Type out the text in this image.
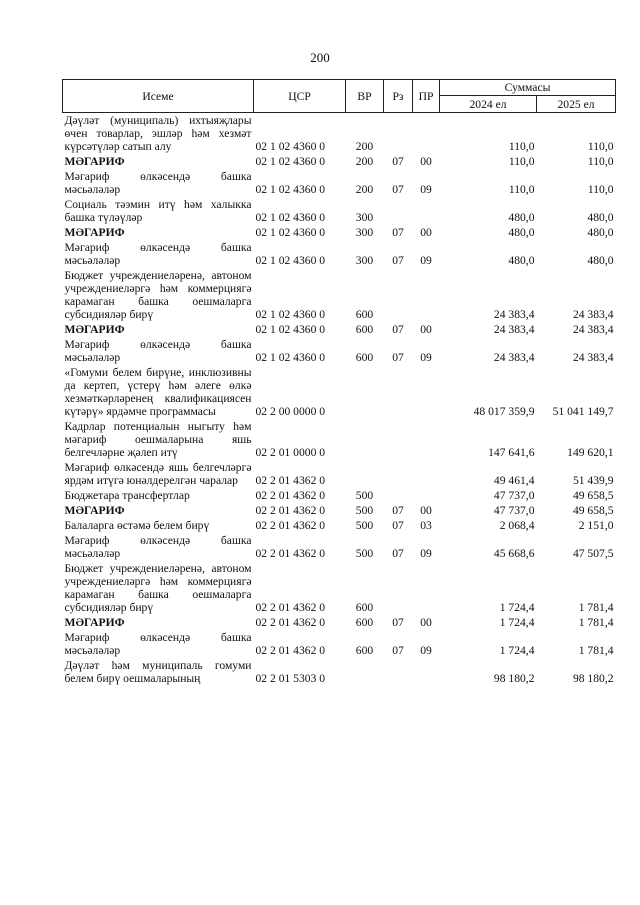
200
Исеме	ЦСР	ВР	Рз	ПР	Суммасы	
					2024 ел	2025 ел
Дәүләт (муниципаль) ихтыяҗлары өчен товарлар, эшләр һәм хезмәт күрсәтүләр сатып алу	02 1 02 4360 0	200			110,0	110,0
МӘГАРИФ	02 1 02 4360 0	200	07	00	110,0	110,0
Мәгариф өлкәсендә башка мәсьәләләр	02 1 02 4360 0	200	07	09	110,0	110,0
Социаль тәэмин итү һәм халыкка башка түләүләр	02 1 02 4360 0	300			480,0	480,0
МӘГАРИФ	02 1 02 4360 0	300	07	00	480,0	480,0
Мәгариф өлкәсендә башка мәсьәләләр	02 1 02 4360 0	300	07	09	480,0	480,0
Бюджет учреждениеләренә, автоном учреждениеләргә һәм коммерциягә карамаган башка оешмаларга субсидияләр бирү	02 1 02 4360 0	600			24 383,4	24 383,4
МӘГАРИФ	02 1 02 4360 0	600	07	00	24 383,4	24 383,4
Мәгариф өлкәсендә башка мәсьәләләр	02 1 02 4360 0	600	07	09	24 383,4	24 383,4
«Гомуми белем бирүне, инклюзивны да кертеп, үстерү һәм әлеге өлкә хезмәткәрләренең квалификациясен күтәрү» ярдәмче программасы	02 2 00 0000 0				48 017 359,9	51 041 149,7
Кадрлар потенциалын ныгыту һәм мәгариф оешмаларына яшь белгечләрне җәлеп итү	02 2 01 0000 0				147 641,6	149 620,1
Мәгариф өлкәсендә яшь белгечләргә ярдәм итүгә юнәлдерелгән чаралар	02 2 01 4362 0				49 461,4	51 439,9
Бюджетара трансфертлар	02 2 01 4362 0	500			47 737,0	49 658,5
МӘГАРИФ	02 2 01 4362 0	500	07	00	47 737,0	49 658,5
Балаларга өстәмә белем бирү	02 2 01 4362 0	500	07	03	2 068,4	2 151,0
Мәгариф өлкәсендә башка мәсьәләләр	02 2 01 4362 0	500	07	09	45 668,6	47 507,5
Бюджет учреждениеләренә, автоном учреждениеләргә һәм коммерциягә карамаган башка оешмаларга субсидияләр бирү	02 2 01 4362 0	600			1 724,4	1 781,4
МӘГАРИФ	02 2 01 4362 0	600	07	00	1 724,4	1 781,4
Мәгариф өлкәсендә башка мәсьәләләр	02 2 01 4362 0	600	07	09	1 724,4	1 781,4
Дәүләт һәм муниципаль гомуми белем бирү оешмаларының	02 2 01 5303 0				98 180,2	98 180,2
